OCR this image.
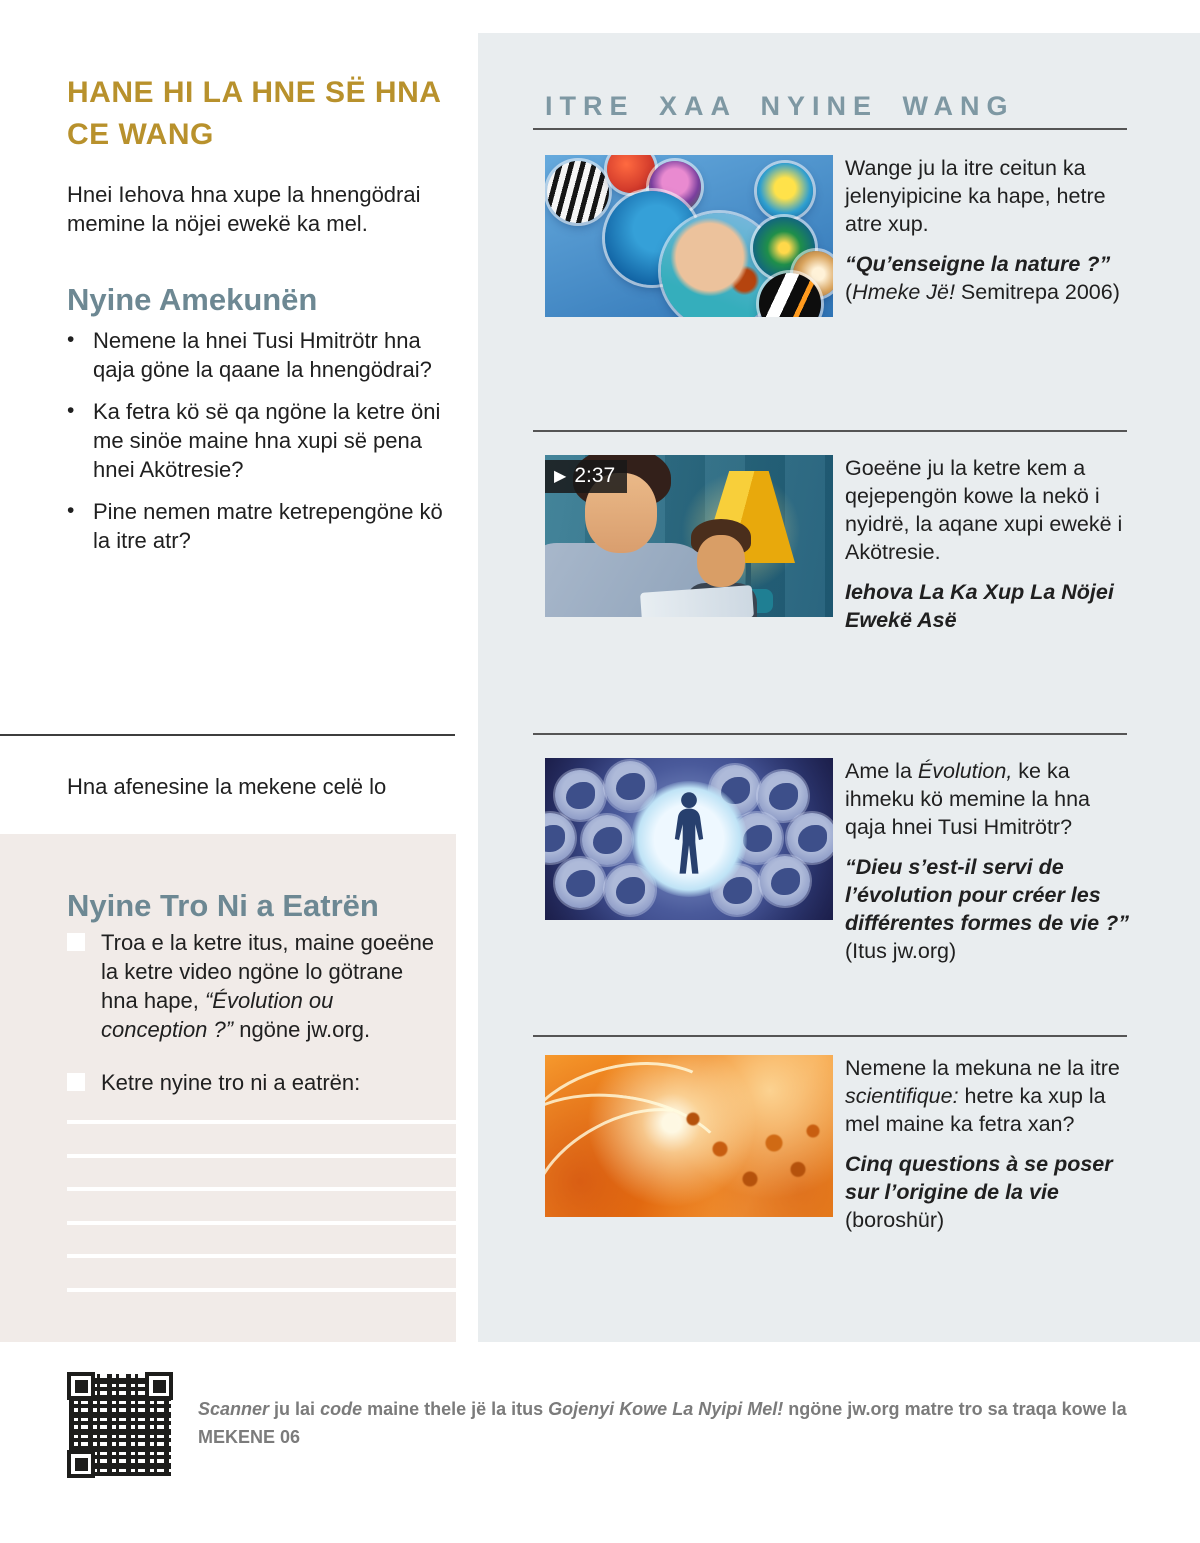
HANE HI LA HNE SË HNA CE WANG

Hnei Iehova hna xupe la hnengödrai memine la nöjei ewekë ka mel.

Nyine Amekunën
• Nemene la hnei Tusi Hmitrötr hna qaja göne la qaane la hnengödrai?
• Ka fetra kö së qa ngöne la ketre öni me sinöe maine hna xupi së pena hnei Akötresie?
• Pine nemen matre ketrepengöne kö la itre atr?

Hna afenesine la mekene celë lo

Nyine Tro Ni a Eatrën

Troa e la ketre itus, maine goeëne la ketre video ngöne lo götrane hna hape, “Évolution ou conception ?” ngöne jw.org.

Ketre nyine tro ni a eatrën:

Scanner ju lai code maine thele jë la itus Gojenyi Kowe La Nyipi Mel! ngöne jw.org matre tro sa traqa kowe la MEKENE 06

ITRE XAA NYINE WANG

Wange ju la itre ceitun ka jelenyipicine ka hape, hetre atre xup.

“Qu’enseigne la nature ?”

(Hmeke Jë! Semitrepa 2006)

▶ 2:37	Goeëne ju la ketre kem a qejepengön kowe la nekö i nyidrë, la aqane xupi ewekë i Akötresie.

Iehova La Ka Xup La Nöjei Ewekë Asë

Ame la Évolution, ke ka ihmeku kö memine la hna qaja hnei Tusi Hmitrötr?

“Dieu s’est-il servi de l’évolution pour créer les différentes formes de vie ?” (Itus jw.org)

Nemene la mekuna ne la itre scientifique: hetre ka xup la mel maine ka fetra xan?

Cinq questions à se poser sur l’origine de la vie
(boroshür)
